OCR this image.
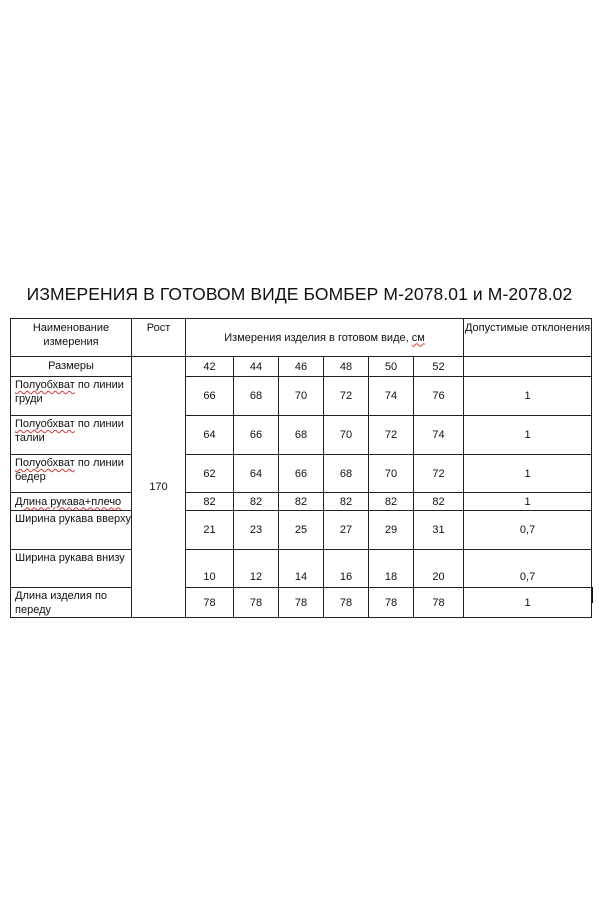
ИЗМЕРЕНИЯ В ГОТОВОМ ВИДЕ БОМБЕР М-2078.01 и М-2078.02
Наименование измерения	Рост	Измерения изделия в готовом виде, см						Допустимые отклонения
Размеры	170	42	44	46	48	50	52	
Полуобхват по линии груди		66	68	70	72	74	76	1
Полуобхват по линии талии		64	66	68	70	72	74	1
Полуобхват по линии бедер		62	64	66	68	70	72	1
Длина рукава+плечо		82	82	82	82	82	82	1
Ширина рукава вверху		21	23	25	27	29	31	0,7
Ширина рукава внизу		10	12	14	16	18	20	0,7
Длина изделия по переду		78	78	78	78	78	78	1
